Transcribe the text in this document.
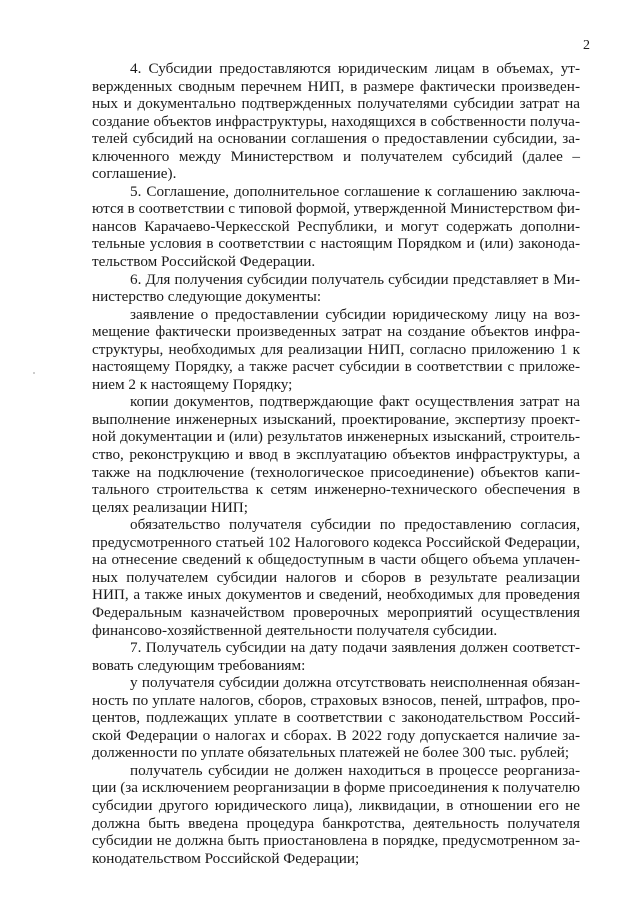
2

4. Субсидии предоставляются юридическим лицам в объемах, утвержденных сводным перечнем НИП, в размере фактически произведенных и документально подтвержденных получателями субсидии затрат на создание объектов инфраструктуры, находящихся в собственности получателей субсидий на основании соглашения о предоставлении субсидии, заключенного между Министерством и получателем субсидий (далее – соглашение).

5. Соглашение, дополнительное соглашение к соглашению заключаются в соответствии с типовой формой, утвержденной Министерством финансов Карачаево-Черкесской Республики, и могут содержать дополнительные условия в соответствии с настоящим Порядком и (или) законодательством Российской Федерации.

6. Для получения субсидии получатель субсидии представляет в Министерство следующие документы:

заявление о предоставлении субсидии юридическому лицу на возмещение фактически произведенных затрат на создание объектов инфраструктуры, необходимых для реализации НИП, согласно приложению 1 к настоящему Порядку, а также расчет субсидии в соответствии с приложением 2 к настоящему Порядку;

копии документов, подтверждающие факт осуществления затрат на выполнение инженерных изысканий, проектирование, экспертизу проектной документации и (или) результатов инженерных изысканий, строительство, реконструкцию и ввод в эксплуатацию объектов инфраструктуры, а также на подключение (технологическое присоединение) объектов капитального строительства к сетям инженерно-технического обеспечения в целях реализации НИП;

обязательство получателя субсидии по предоставлению согласия, предусмотренного статьей 102 Налогового кодекса Российской Федерации, на отнесение сведений к общедоступным в части общего объема уплаченных получателем субсидии налогов и сборов в результате реализации НИП, а также иных документов и сведений, необходимых для проведения Федеральным казначейством проверочных мероприятий осуществления финансово-хозяйственной деятельности получателя субсидии.

7. Получатель субсидии на дату подачи заявления должен соответствовать следующим требованиям:

у получателя субсидии должна отсутствовать неисполненная обязанность по уплате налогов, сборов, страховых взносов, пеней, штрафов, процентов, подлежащих уплате в соответствии с законодательством Российской Федерации о налогах и сборах. В 2022 году допускается наличие задолженности по уплате обязательных платежей не более 300 тыс. рублей;

получатель субсидии не должен находиться в процессе реорганизации (за исключением реорганизации в форме присоединения к получателю субсидии другого юридического лица), ликвидации, в отношении его не должна быть введена процедура банкротства, деятельность получателя субсидии не должна быть приостановлена в порядке, предусмотренном законодательством Российской Федерации;
